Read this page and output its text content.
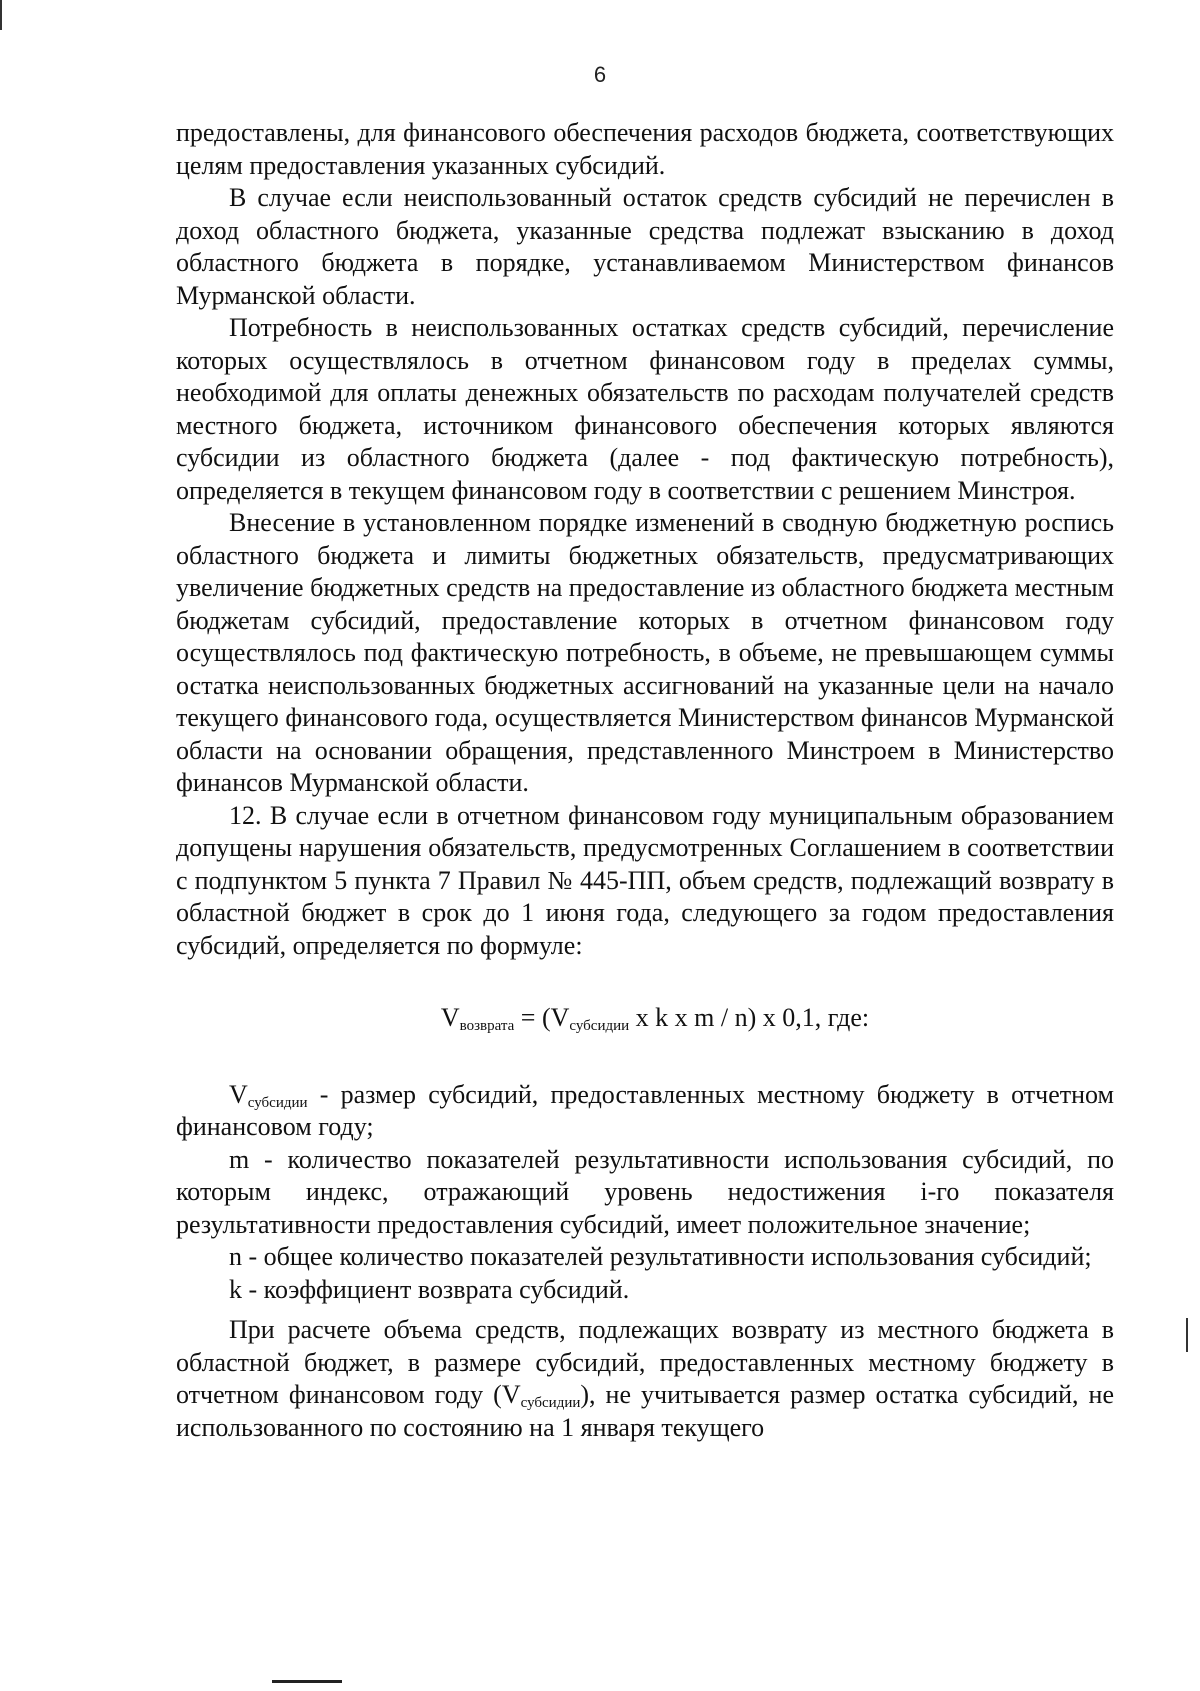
6

предоставлены, для финансового обеспечения расходов бюджета, соответствующих целям предоставления указанных субсидий.

В случае если неиспользованный остаток средств субсидий не перечислен в доход областного бюджета, указанные средства подлежат взысканию в доход областного бюджета в порядке, устанавливаемом Министерством финансов Мурманской области.

Потребность в неиспользованных остатках средств субсидий, перечисление которых осуществлялось в отчетном финансовом году в пределах суммы, необходимой для оплаты денежных обязательств по расходам получателей средств местного бюджета, источником финансового обеспечения которых являются субсидии из областного бюджета (далее - под фактическую потребность), определяется в текущем финансовом году в соответствии с решением Минстроя.

Внесение в установленном порядке изменений в сводную бюджетную роспись областного бюджета и лимиты бюджетных обязательств, предусматривающих увеличение бюджетных средств на предоставление из областного бюджета местным бюджетам субсидий, предоставление которых в отчетном финансовом году осуществлялось под фактическую потребность, в объеме, не превышающем суммы остатка неиспользованных бюджетных ассигнований на указанные цели на начало текущего финансового года, осуществляется Министерством финансов Мурманской области на основании обращения, представленного Минстроем в Министерство финансов Мурманской области.

12. В случае если в отчетном финансовом году муниципальным образованием допущены нарушения обязательств, предусмотренных Соглашением в соответствии с подпунктом 5 пункта 7 Правил № 445-ПП, объем средств, подлежащий возврату в областной бюджет в срок до 1 июня года, следующего за годом предоставления субсидий, определяется по формуле:

$V_{возврата} = (V_{субсидии}$ x k x m / n) x 0,1, где:

$V_{субсидии}$ - размер субсидий, предоставленных местному бюджету в отчетном финансовом году;

m - количество показателей результативности использования субсидий, по которым индекс, отражающий уровень недостижения i-го показателя результативности предоставления субсидий, имеет положительное значение;

n - общее количество показателей результативности использования субсидий;

k - коэффициент возврата субсидий.

При расчете объема средств, подлежащих возврату из местного бюджета в областной бюджет, в размере субсидий, предоставленных местному бюджету в отчетном финансовом году $(V_{субсидии})$, не учитывается размер остатка субсидий, не использованного по состоянию на 1 января текущего
